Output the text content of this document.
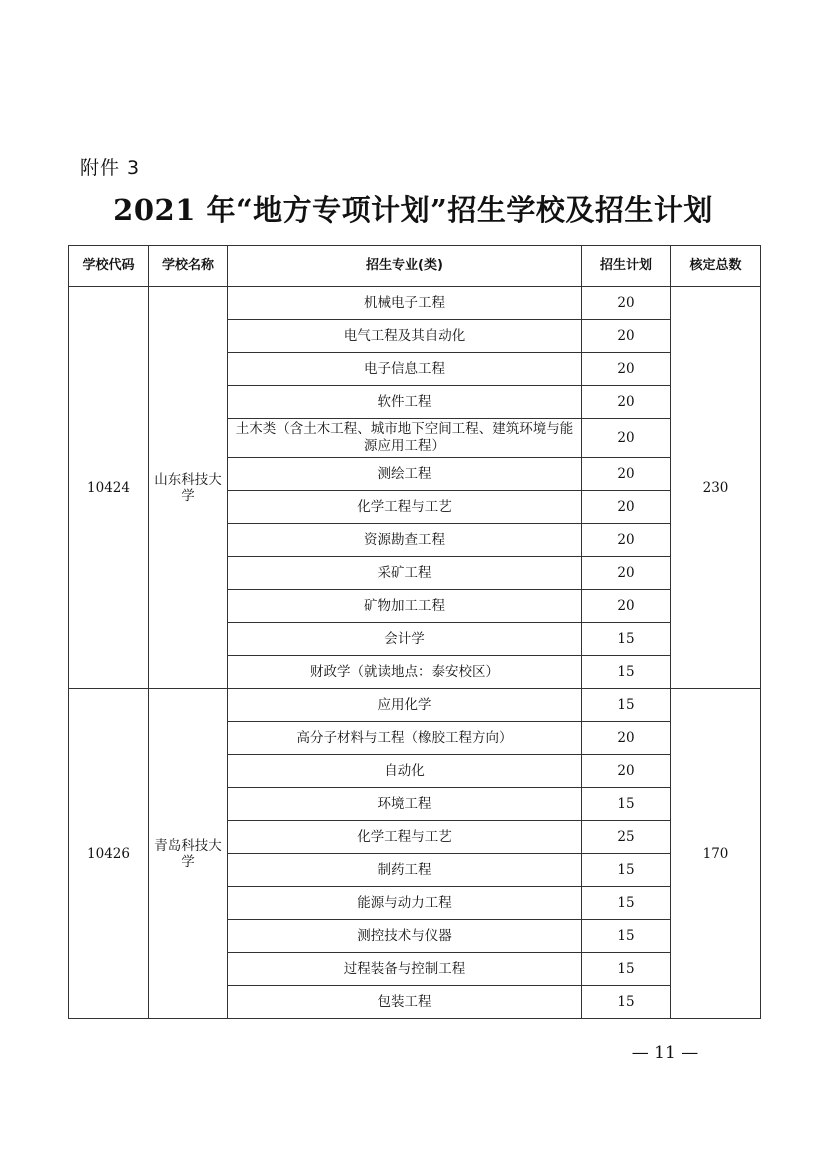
附件 3
2021 年“地方专项计划”招生学校及招生计划
学校代码	学校名称	招生专业(类)	招生计划	核定总数
10424	山东科技大学	机械电子工程	20	230
		电气工程及其自动化	20	
		电子信息工程	20	
		软件工程	20	
		土木类（含土木工程、城市地下空间工程、建筑环境与能源应用工程）	20	
		测绘工程	20	
		化学工程与工艺	20	
		资源勘查工程	20	
		采矿工程	20	
		矿物加工工程	20	
		会计学	15	
		财政学（就读地点：泰安校区）	15	
10426	青岛科技大学	应用化学	15	170
		高分子材料与工程（橡胶工程方向）	20	
		自动化	20	
		环境工程	15	
		化学工程与工艺	25	
		制药工程	15	
		能源与动力工程	15	
		测控技术与仪器	15	
		过程装备与控制工程	15	
		包装工程	15	
— 11 —
